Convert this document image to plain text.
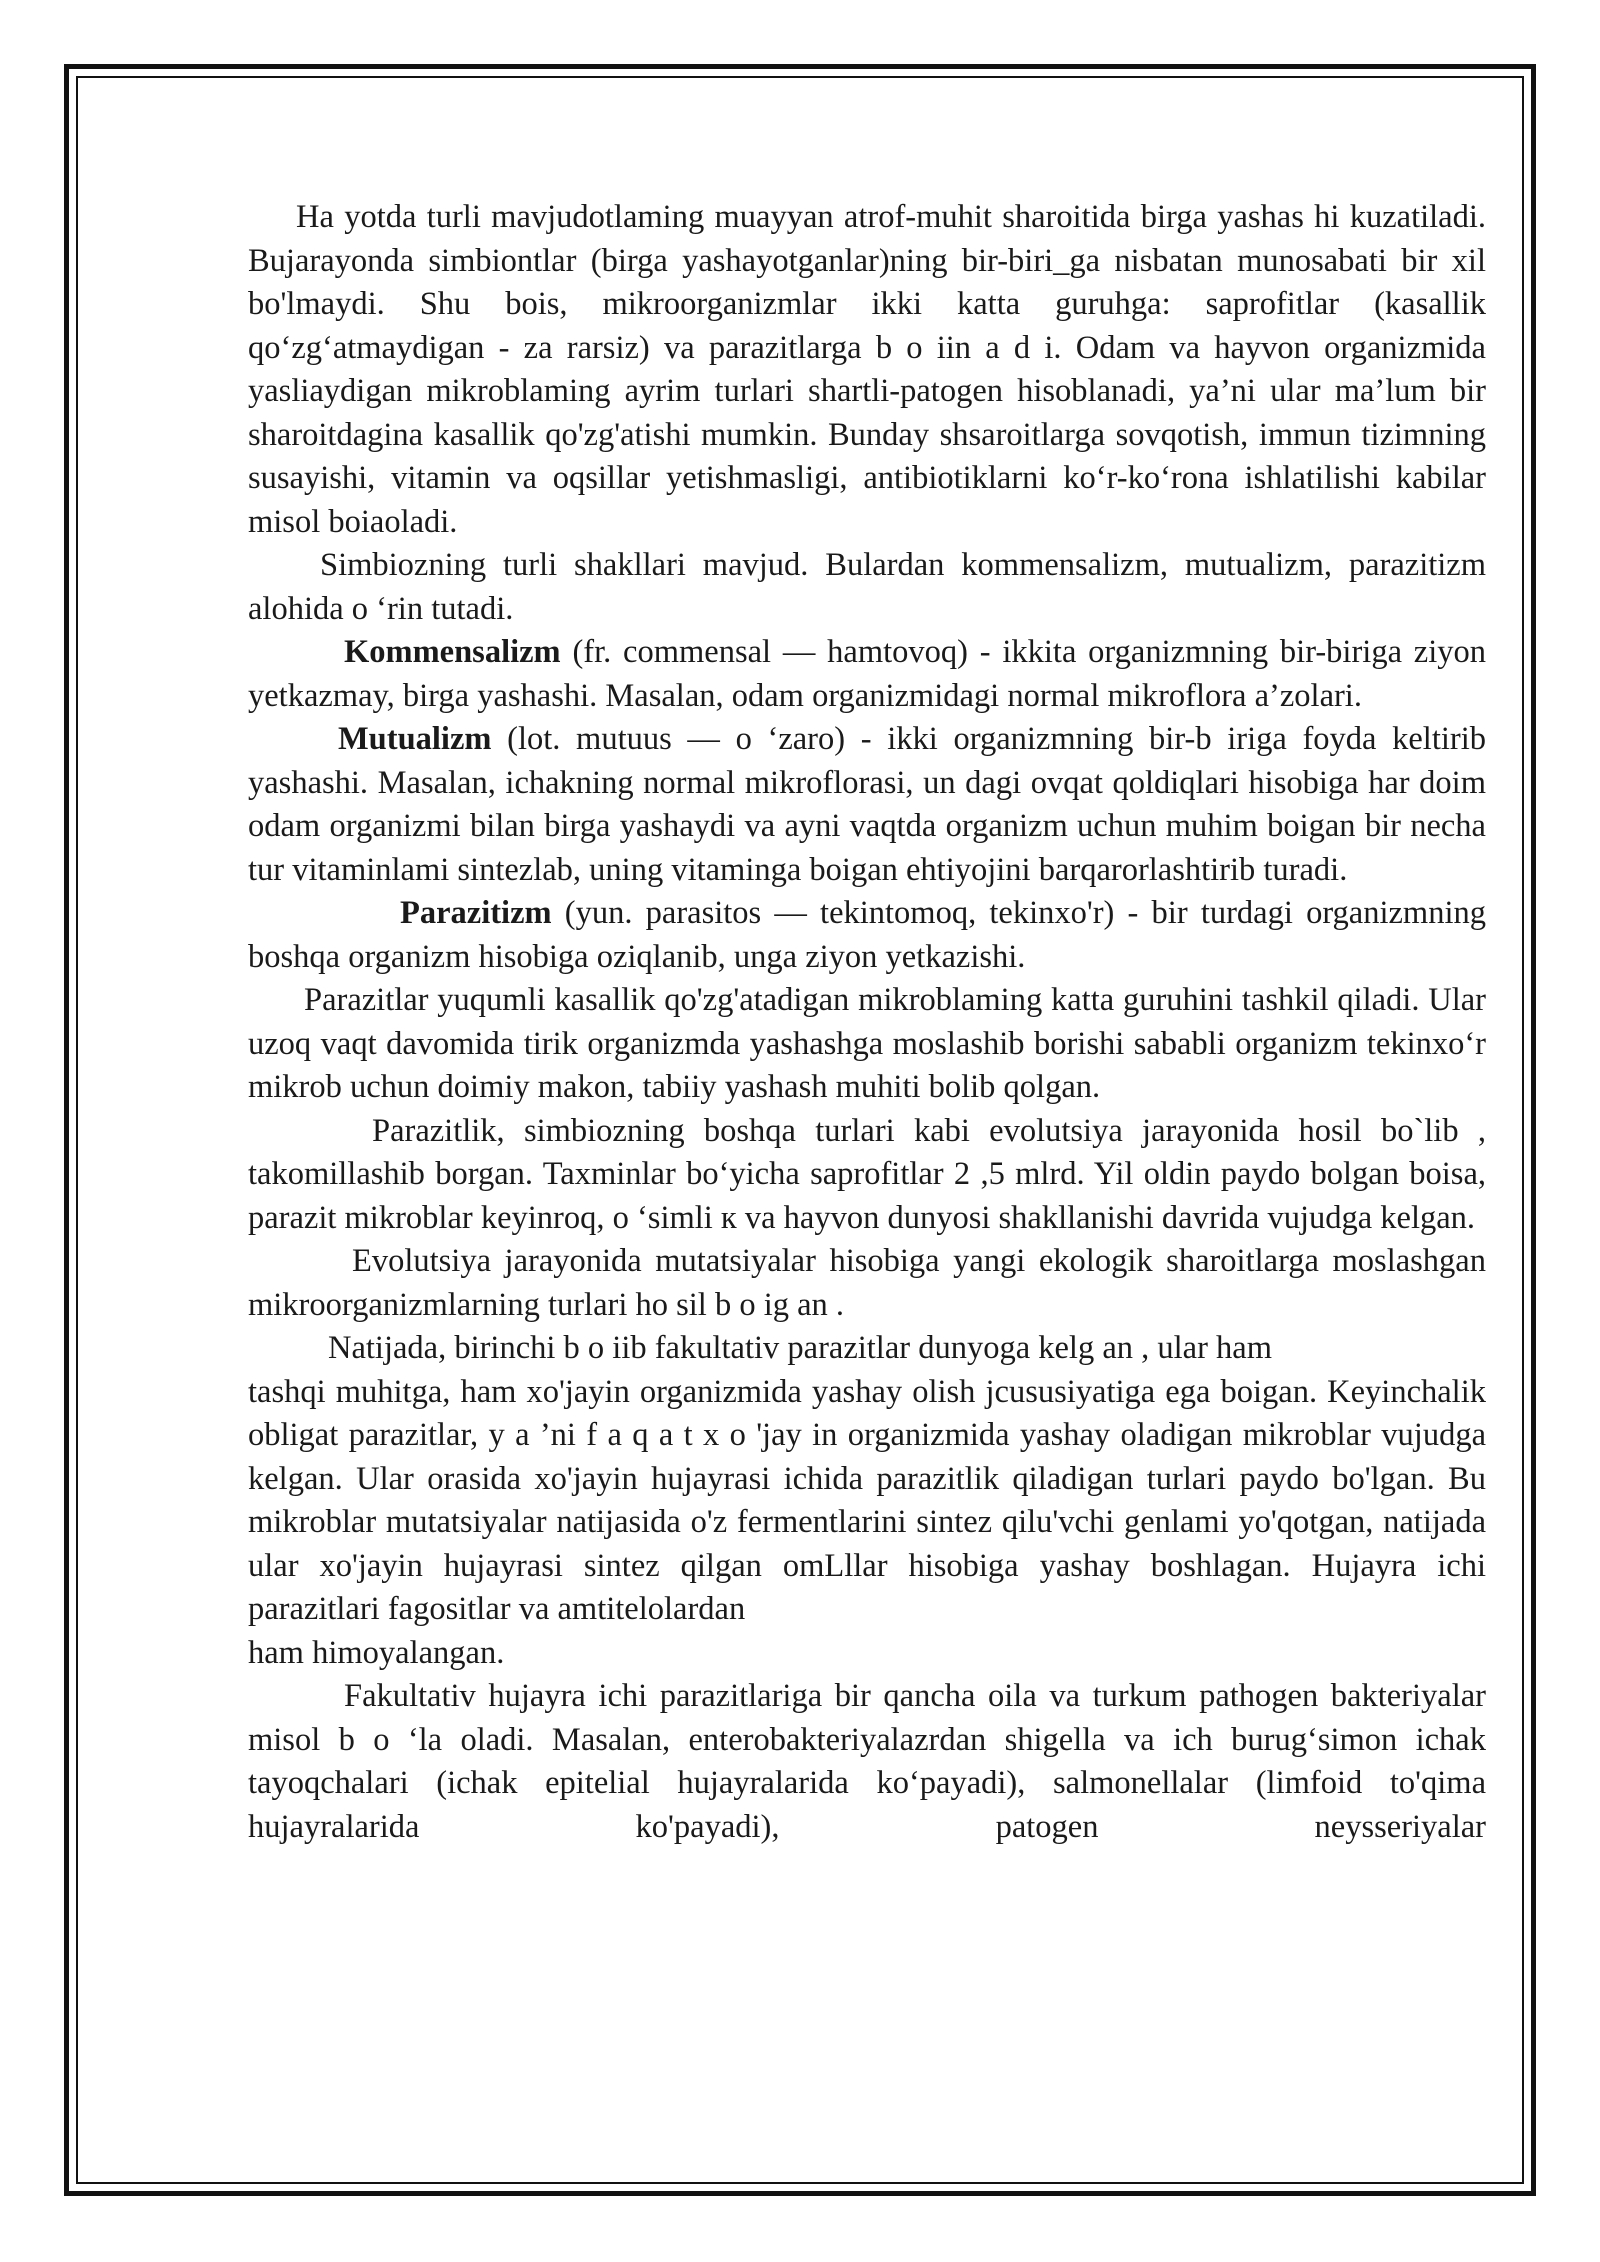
Ha yotda turli mavjudotlaming muayyan atrof-muhit sharoitida birga yashas hi kuzatiladi. Bujarayonda simbiontlar (birga yashayotganlar)ning bir-biri_ga nisbatan munosabati bir xil bo'lmaydi. Shu bois, mikroorganizmlar ikki katta guruhga: saprofitlar (kasallik qo‘zg‘atmaydigan - za rarsiz) va parazitlarga b o iin a d i. Odam va hayvon organizmida yasliaydigan mikroblaming ayrim turlari shartli-patogen hisoblanadi, ya’ni ular ma’lum bir sharoitdagina kasallik qo'zg'atishi mumkin. Bunday shsaroitlarga sovqotish, immun tizimning susayishi, vitamin va oqsillar yetishmasligi, antibiotiklarni ko‘r-ko‘rona ishlatilishi kabilar misol boiaoladi.

Simbiozning turli shakllari mavjud. Bulardan kommensalizm, mutualizm, parazitizm alohida o ‘rin tutadi.

Kommensalizm (fr. commensal — hamtovoq) - ikkita organizmning bir-biriga ziyon yetkazmay, birga yashashi. Masalan, odam organizmidagi normal mikroflora a’zolari.

Mutualizm (lot. mutuus — o ‘zaro) - ikki organizmning bir-b iriga foyda keltirib yashashi. Masalan, ichakning normal mikroflorasi, un dagi ovqat qoldiqlari hisobiga har doim odam organizmi bilan birga yashaydi va ayni vaqtda organizm uchun muhim boigan bir necha tur vitaminlami sintezlab, uning vitaminga boigan ehtiyojini barqarorlashtirib turadi.

Parazitizm (yun. parasitos — tekintomoq, tekinxo'r) - bir turdagi organizmning boshqa organizm hisobiga oziqlanib, unga ziyon yetkazishi.

Parazitlar yuqumli kasallik qo'zg'atadigan mikroblaming katta guruhini tashkil qiladi. Ular uzoq vaqt davomida tirik organizmda yashashga moslashib borishi sababli organizm tekinxo‘r mikrob uchun doimiy makon, tabiiy yashash muhiti bolib qolgan.

Parazitlik, simbiozning boshqa turlari kabi evolutsiya jarayonida hosil bo`lib , takomillashib borgan. Taxminlar bo‘yicha saprofitlar 2 ,5 mlrd. Yil oldin paydo bolgan boisa, parazit mikroblar keyinroq, o ‘simli к va hayvon dunyosi shakllanishi davrida vujudga kelgan.

Evolutsiya jarayonida mutatsiyalar hisobiga yangi ekologik sharoitlarga moslashgan mikroorganizmlarning turlari ho sil b o ig an .

Natijada, birinchi b o iib fakultativ parazitlar dunyoga kelg an , ular ham

tashqi muhitga, ham xo'jayin organizmida yashay olish jcususiyatiga ega boigan. Keyinchalik obligat parazitlar, y a ’ni f a q a t x o 'jay in organizmida yashay oladigan mikroblar vujudga kelgan. Ular orasida xo'jayin hujayrasi ichida parazitlik qiladigan turlari paydo bo'lgan. Bu mikroblar mutatsiyalar natijasida o'z fermentlarini sintez qilu'vchi genlami yo'qotgan, natijada ular xo'jayin hujayrasi sintez qilgan omLllar hisobiga yashay boshlagan. Hujayra ichi parazitlari fagositlar va amtitelolardan

ham himoyalangan.

Fakultativ hujayra ichi parazitlariga bir qancha oila va turkum pathogen bakteriyalar misol b o ‘la oladi. Masalan, enterobakteriyalazrdan shigella va ich burug‘simon ichak tayoqchalari (ichak epitelial hujayralarida ko‘payadi), salmonellalar (limfoid to'qima hujayralarida ko'payadi), patogen neysseriyalar
